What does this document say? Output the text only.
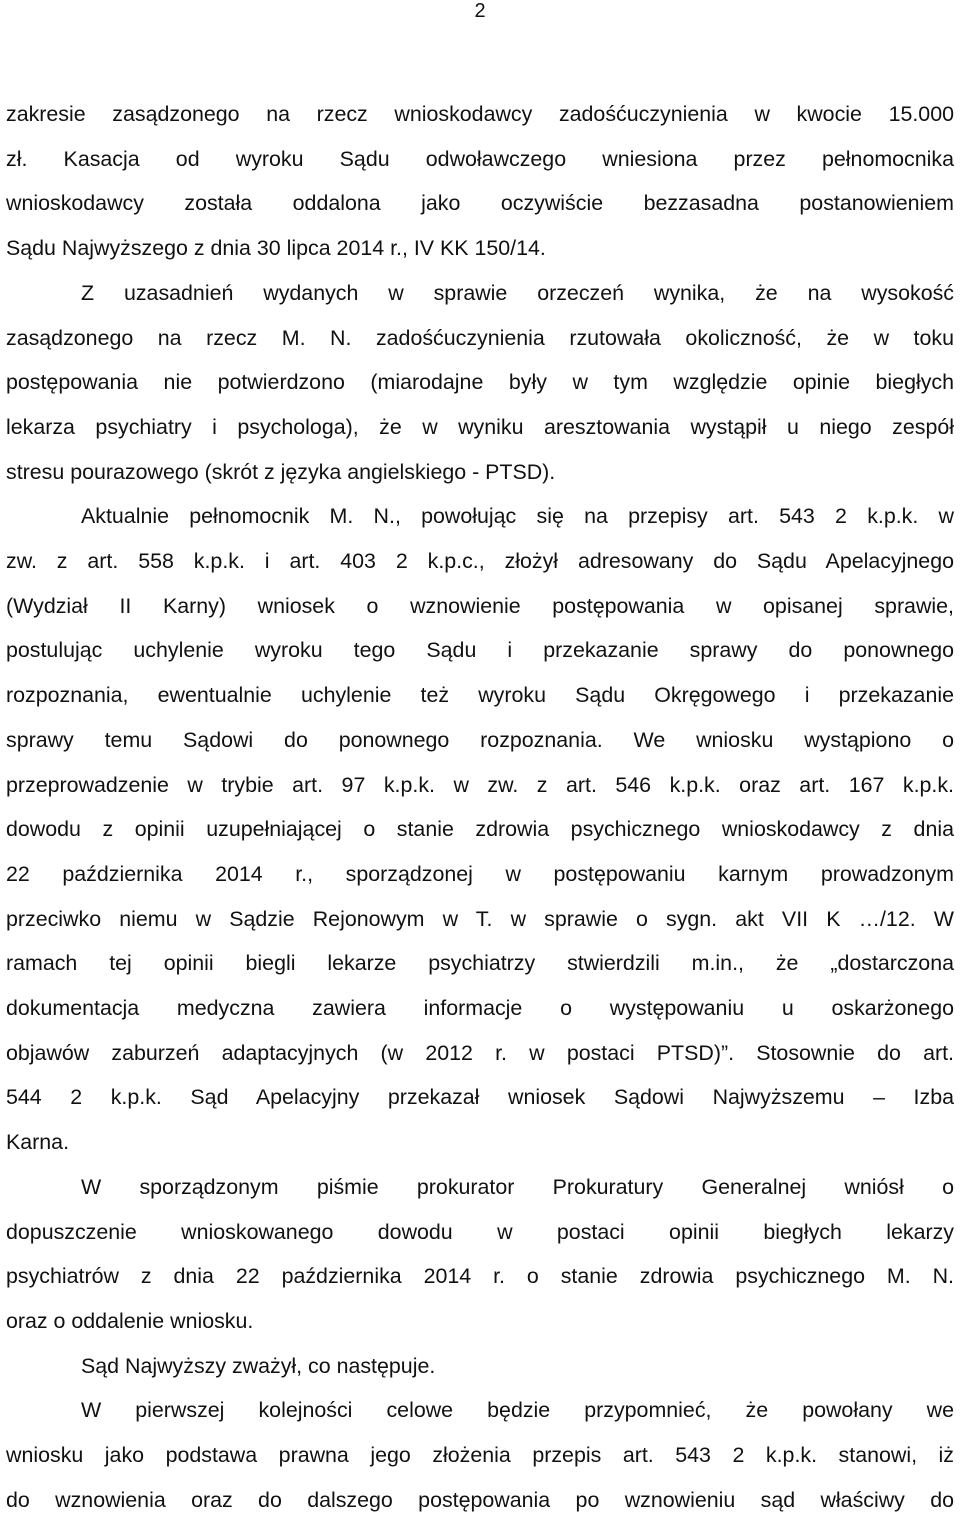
2

zakresie zasądzonego na rzecz wnioskodawcy zadośćuczynienia w kwocie 15.000

zł. Kasacja od wyroku Sądu odwoławczego wniesiona przez pełnomocnika

wnioskodawcy została oddalona jako oczywiście bezzasadna postanowieniem

Sądu Najwyższego z dnia 30 lipca 2014 r., IV KK 150/14.

Z uzasadnień wydanych w sprawie orzeczeń wynika, że na wysokość

zasądzonego na rzecz M. N. zadośćuczynienia rzutowała okoliczność, że w toku

postępowania nie potwierdzono (miarodajne były w tym względzie opinie biegłych

lekarza psychiatry i psychologa), że w wyniku aresztowania wystąpił u niego zespół

stresu pourazowego (skrót z języka angielskiego - PTSD).

Aktualnie pełnomocnik M. N., powołując się na przepisy art. 543 2 k.p.k. w

zw. z art. 558 k.p.k. i art. 403 2 k.p.c., złożył adresowany do Sądu Apelacyjnego

(Wydział II Karny) wniosek o wznowienie postępowania w opisanej sprawie,

postulując uchylenie wyroku tego Sądu i przekazanie sprawy do ponownego

rozpoznania, ewentualnie uchylenie też wyroku Sądu Okręgowego i przekazanie

sprawy temu Sądowi do ponownego rozpoznania. We wniosku wystąpiono o

przeprowadzenie w trybie art. 97 k.p.k. w zw. z art. 546 k.p.k. oraz art. 167 k.p.k.

dowodu z opinii uzupełniającej o stanie zdrowia psychicznego wnioskodawcy z dnia

22 października 2014 r., sporządzonej w postępowaniu karnym prowadzonym

przeciwko niemu w Sądzie Rejonowym w T. w sprawie o sygn. akt VII K …/12. W

ramach tej opinii biegli lekarze psychiatrzy stwierdzili m.in., że „dostarczona

dokumentacja medyczna zawiera informacje o występowaniu u oskarżonego

objawów zaburzeń adaptacyjnych (w 2012 r. w postaci PTSD)”. Stosownie do art.

544 2 k.p.k. Sąd Apelacyjny przekazał wniosek Sądowi Najwyższemu – Izba

Karna.

W sporządzonym piśmie prokurator Prokuratury Generalnej wniósł o

dopuszczenie wnioskowanego dowodu w postaci opinii biegłych lekarzy

psychiatrów z dnia 22 października 2014 r. o stanie zdrowia psychicznego M. N.

oraz o oddalenie wniosku.

Sąd Najwyższy zważył, co następuje.

W pierwszej kolejności celowe będzie przypomnieć, że powołany we

wniosku jako podstawa prawna jego złożenia przepis art. 543 2 k.p.k. stanowi, iż

do wznowienia oraz do dalszego postępowania po wznowieniu sąd właściwy do
